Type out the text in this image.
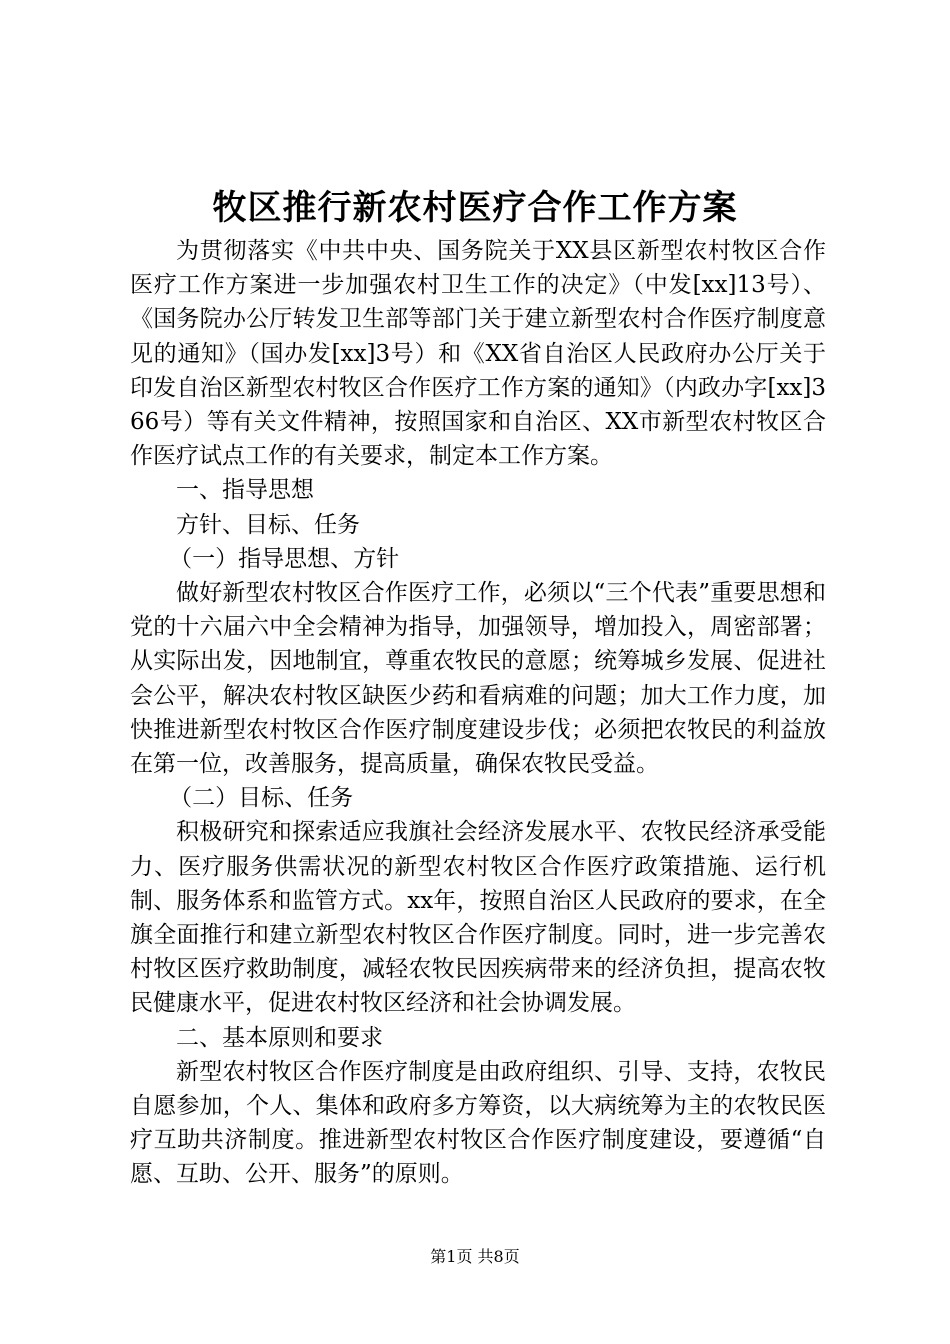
牧区推行新农村医疗合作工作方案

为贯彻落实《中共中央、国务院关于XX县区新型农村牧区合作医疗工作方案进一步加强农村卫生工作的决定》（中发[xx]13号）、《国务院办公厅转发卫生部等部门关于建立新型农村合作医疗制度意见的通知》（国办发[xx]3号）和《XX省自治区人民政府办公厅关于印发自治区新型农村牧区合作医疗工作方案的通知》（内政办字[xx]366号）等有关文件精神，按照国家和自治区、XX市新型农村牧区合作医疗试点工作的有关要求，制定本工作方案。

一、指导思想

方针、目标、任务

（一）指导思想、方针

做好新型农村牧区合作医疗工作，必须以“三个代表”重要思想和党的十六届六中全会精神为指导，加强领导，增加投入，周密部署；从实际出发，因地制宜，尊重农牧民的意愿；统筹城乡发展、促进社会公平，解决农村牧区缺医少药和看病难的问题；加大工作力度，加快推进新型农村牧区合作医疗制度建设步伐；必须把农牧民的利益放在第一位，改善服务，提高质量，确保农牧民受益。

（二）目标、任务

积极研究和探索适应我旗社会经济发展水平、农牧民经济承受能力、医疗服务供需状况的新型农村牧区合作医疗政策措施、运行机制、服务体系和监管方式。xx年，按照自治区人民政府的要求，在全旗全面推行和建立新型农村牧区合作医疗制度。同时，进一步完善农村牧区医疗救助制度，减轻农牧民因疾病带来的经济负担，提高农牧民健康水平，促进农村牧区经济和社会协调发展。

二、基本原则和要求

新型农村牧区合作医疗制度是由政府组织、引导、支持，农牧民自愿参加，个人、集体和政府多方筹资，以大病统筹为主的农牧民医疗互助共济制度。推进新型农村牧区合作医疗制度建设，要遵循“自愿、互助、公开、服务”的原则。

第1页 共8页
